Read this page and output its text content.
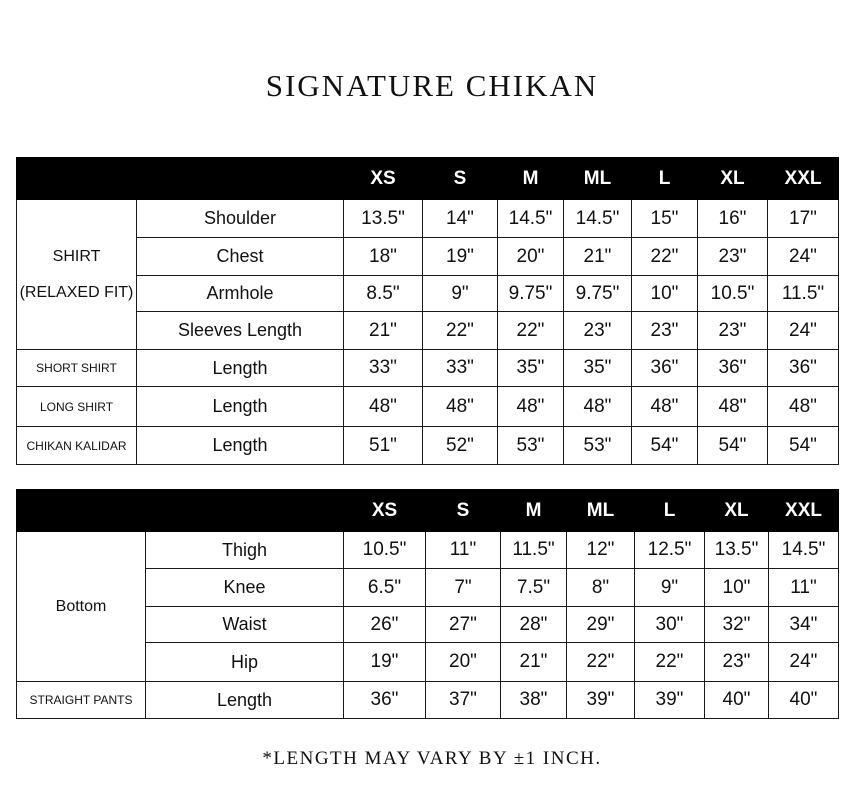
SIGNATURE CHIKAN
		XS	S	M	ML	L	XL	XXL

SHIRT
(RELAXED FIT)	Shoulder	13.5"	14"	14.5"	14.5"	15"	16"	17"
	Chest	18"	19"	20"	21"	22"	23"	24"
	Armhole	8.5"	9"	9.75"	9.75"	10"	10.5"	11.5"
	Sleeves Length	21"	22"	22"	23"	23"	23"	24"

SHORT SHIRT	Length	33"	33"	35"	35"	36"	36"	36"

LONG SHIRT	Length	48"	48"	48"	48"	48"	48"	48"

CHIKAN KALIDAR	Length	51"	52"	53"	53"	54"	54"	54"
		XS	S	M	ML	L	XL	XXL

Bottom	Thigh	10.5"	11"	11.5"	12"	12.5"	13.5"	14.5"
	Knee	6.5"	7"	7.5"	8"	9"	10"	11"
	Waist	26"	27"	28"	29"	30"	32"	34"
	Hip	19"	20"	21"	22"	22"	23"	24"

STRAIGHT PANTS	Length	36"	37"	38"	39"	39"	40"	40"
*LENGTH MAY VARY BY ±1 INCH.
